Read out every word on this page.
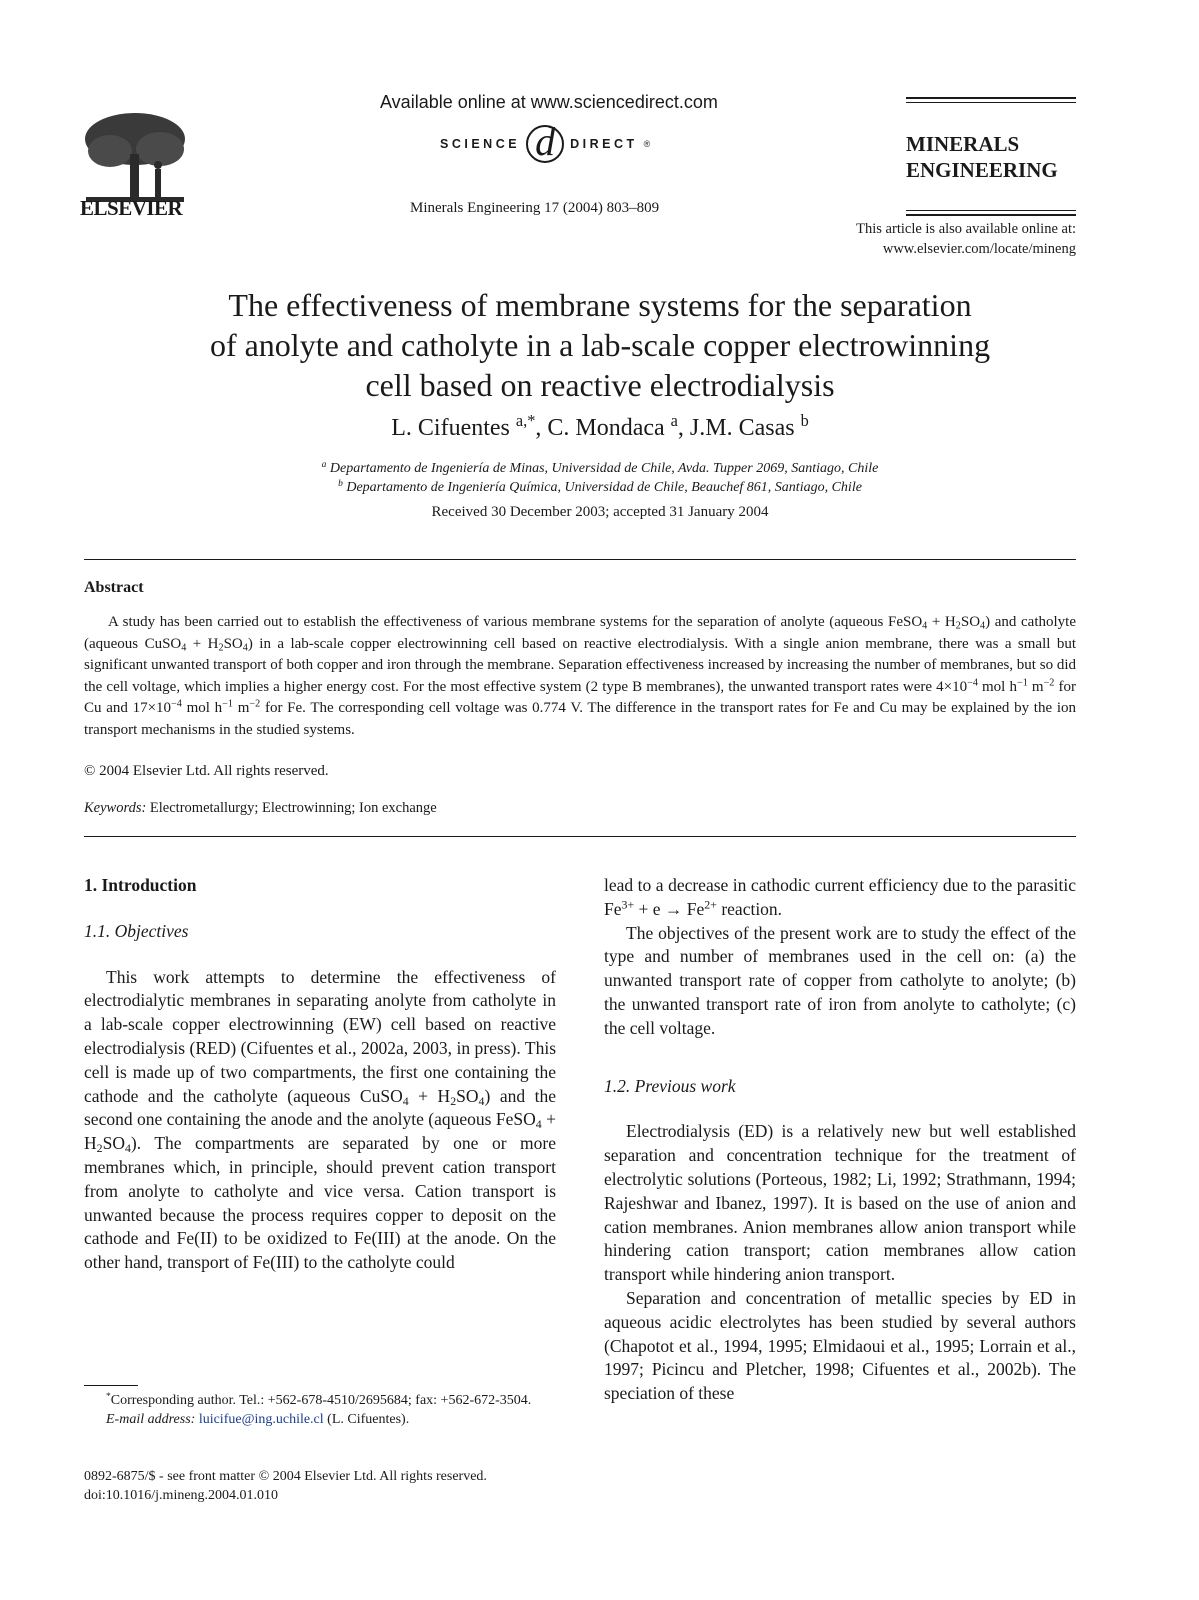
ELSEVIER
Available online at www.sciencedirect.com
SCIENCE d	DIRECT ®
Minerals Engineering 17 (2004) 803–809
MINERALS
ENGINEERING
This article is also available online at:
www.elsevier.com/locate/mineng
The effectiveness of membrane systems for the separation
of anolyte and catholyte in a lab-scale copper electrowinning
cell based on reactive electrodialysis
L. Cifuentes $^{a,*}$, C. Mondaca $^a$, J.M. Casas $^b$
$^a$ Departamento de Ingeniería de Minas, Universidad de Chile, Avda. Tupper 2069, Santiago, Chile
$^b$ Departamento de Ingeniería Química, Universidad de Chile, Beauchef 861, Santiago, Chile
Received 30 December 2003; accepted 31 January 2004
Abstract
A study has been carried out to establish the effectiveness of various membrane systems for the separation of anolyte (aqueous FeSO$_4$ + $H_2SO_4$) and catholyte (aqueous CuSO$_4$ + $H_2SO_4$) in a lab-scale copper electrowinning cell based on reactive electrodialysis. With a single anion membrane, there was a small but significant unwanted transport of both copper and iron through the membrane. Separation effectiveness increased by increasing the number of membranes, but so did the cell voltage, which implies a higher energy cost. For the most effective system (2 type B membranes), the unwanted transport rates were $4\times 10^{-4}$ mol $h^{-1}$ $m^{-2}$ for Cu and $17\times 10^{-4}$ mol $h^{-1}$ $m^{-2}$ for Fe. The corresponding cell voltage was 0.774 V. The difference in the transport rates for Fe and Cu may be explained by the ion transport mechanisms in the studied systems.
© 2004 Elsevier Ltd. All rights reserved.
Keywords: Electrometallurgy; Electrowinning; Ion exchange

1. Introduction

1.1. Objectives

This work attempts to determine the effectiveness of electrodialytic membranes in separating anolyte from catholyte in a lab-scale copper electrowinning (EW) cell based on reactive electrodialysis (RED) (Cifuentes et al., 2002a, 2003, in press). This cell is made up of two compartments, the first one containing the cathode and the catholyte (aqueous CuSO$_4$ + $H_2SO_4$) and the second one containing the anode and the anolyte (aqueous FeSO$_4$ + $H_2SO_4$). The compartments are separated by one or more membranes which, in principle, should prevent cation transport from anolyte to catholyte and vice versa. Cation transport is unwanted because the process requires copper to deposit on the cathode and Fe(II) to be oxidized to Fe(III) at the anode. On the other hand, transport of Fe(III) to the catholyte could

*Corresponding author. Tel.: +562-678-4510/2695684; fax: +562-672-3504.
E-mail address: luicifue@ing.uchile.cl (L. Cifuentes).
0892-6875/$ - see front matter © 2004 Elsevier Ltd. All rights reserved.
doi:10.1016/j.mineng.2004.01.010

lead to a decrease in cathodic current efficiency due to the parasitic $Fe^{3+} + e \to Fe^{2+}$ reaction.

The objectives of the present work are to study the effect of the type and number of membranes used in the cell on: (a) the unwanted transport rate of copper from catholyte to anolyte; (b) the unwanted transport rate of iron from anolyte to catholyte; (c) the cell voltage.

1.2. Previous work

Electrodialysis (ED) is a relatively new but well established separation and concentration technique for the treatment of electrolytic solutions (Porteous, 1982; Li, 1992; Strathmann, 1994; Rajeshwar and Ibanez, 1997). It is based on the use of anion and cation membranes. Anion membranes allow anion transport while hindering cation transport; cation membranes allow cation transport while hindering anion transport.

Separation and concentration of metallic species by ED in aqueous acidic electrolytes has been studied by several authors (Chapotot et al., 1994, 1995; Elmidaoui et al., 1995; Lorrain et al., 1997; Picincu and Pletcher, 1998; Cifuentes et al., 2002b). The speciation of these
